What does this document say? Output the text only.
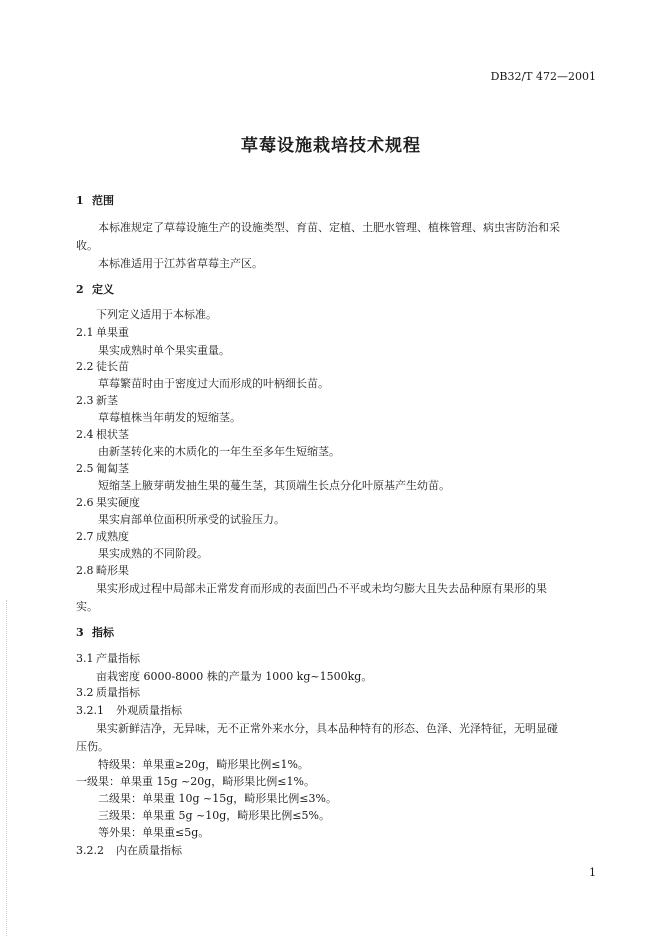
DB32/T 472—2001
草莓设施栽培技术规程
1 范围
本标准规定了草莓设施生产的设施类型、育苗、定植、土肥水管理、植株管理、病虫害防治和采
收。
本标准适用于江苏省草莓主产区。
2 定义
下列定义适用于本标准。
2.1 单果重
果实成熟时单个果实重量。
2.2 徒长苗
草莓繁苗时由于密度过大而形成的叶柄细长苗。
2.3 新茎
草莓植株当年萌发的短缩茎。
2.4 根状茎
由新茎转化来的木质化的一年生至多年生短缩茎。
2.5 匍匐茎
短缩茎上腋芽萌发抽生果的蔓生茎，其顶端生长点分化叶原基产生幼苗。
2.6 果实硬度
果实肩部单位面积所承受的试验压力。
2.7 成熟度
果实成熟的不同阶段。
2.8 畸形果
果实形成过程中局部未正常发育而形成的表面凹凸不平或未均匀膨大且失去品种原有果形的果
实。
3 指标
3.1 产量指标
亩栽密度 6000-8000 株的产量为 1000 kg~1500kg。
3.2 质量指标
3.2.1 外观质量指标
果实新鲜洁净，无异味，无不正常外来水分，具本品种特有的形态、色泽、光泽特征，无明显碰
压伤。
特级果：单果重≥20g，畸形果比例≤1%。
一级果：单果重 15g ~20g，畸形果比例≤1%。
二级果：单果重 10g ~15g，畸形果比例≤3%。
三级果：单果重 5g ~10g，畸形果比例≤5%。
等外果：单果重≤5g。
3.2.2 内在质量指标
1
